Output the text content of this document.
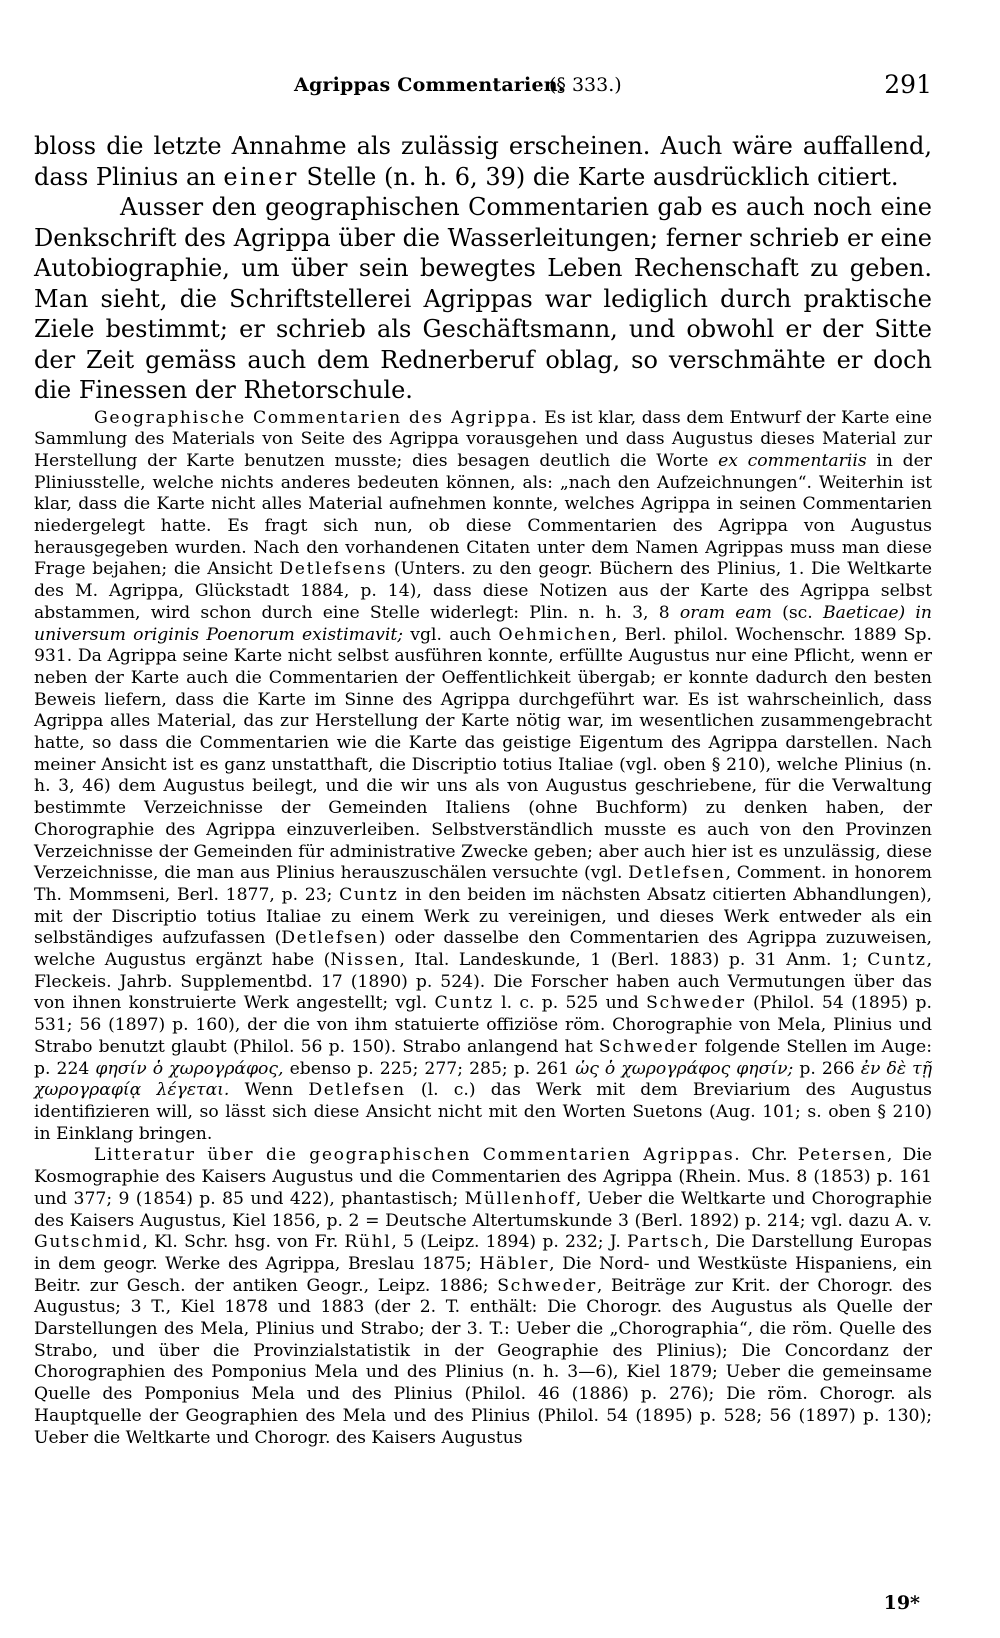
Agrippas Commentarien.
(§ 333.)	291

bloss die letzte Annahme als zulässig erscheinen. Auch wäre auffallend, dass Plinius an einer Stelle (n. h. 6, 39) die Karte ausdrücklich citiert.

Ausser den geographischen Commentarien gab es auch noch eine Denkschrift des Agrippa über die Wasserleitungen; ferner schrieb er eine Autobiographie, um über sein bewegtes Leben Rechenschaft zu geben. Man sieht, die Schriftstellerei Agrippas war lediglich durch praktische Ziele bestimmt; er schrieb als Geschäftsmann, und obwohl er der Sitte der Zeit gemäss auch dem Rednerberuf oblag, so verschmähte er doch die Finessen der Rhetorschule.

Geographische Commentarien des Agrippa. Es ist klar, dass dem Entwurf der Karte eine Sammlung des Materials von Seite des Agrippa vorausgehen und dass Augustus dieses Material zur Herstellung der Karte benutzen musste; dies besagen deutlich die Worte ex commentariis in der Pliniusstelle, welche nichts anderes bedeuten können, als: „nach den Aufzeichnungen“. Weiterhin ist klar, dass die Karte nicht alles Material aufnehmen konnte, welches Agrippa in seinen Commentarien niedergelegt hatte. Es fragt sich nun, ob diese Commentarien des Agrippa von Augustus herausgegeben wurden. Nach den vorhandenen Citaten unter dem Namen Agrippas muss man diese Frage bejahen; die Ansicht Detlefsens (Unters. zu den geogr. Büchern des Plinius, 1. Die Weltkarte des M. Agrippa, Glückstadt 1884, p. 14), dass diese Notizen aus der Karte des Agrippa selbst abstammen, wird schon durch eine Stelle widerlegt: Plin. n. h. 3, 8 oram eam (sc. Baeticae) in universum originis Poenorum existimavit; vgl. auch Oehmichen, Berl. philol. Wochenschr. 1889 Sp. 931. Da Agrippa seine Karte nicht selbst ausführen konnte, erfüllte Augustus nur eine Pflicht, wenn er neben der Karte auch die Commentarien der Oeffentlichkeit übergab; er konnte dadurch den besten Beweis liefern, dass die Karte im Sinne des Agrippa durchgeführt war. Es ist wahrscheinlich, dass Agrippa alles Material, das zur Herstellung der Karte nötig war, im wesentlichen zusammengebracht hatte, so dass die Commentarien wie die Karte das geistige Eigentum des Agrippa darstellen. Nach meiner Ansicht ist es ganz unstatthaft, die Discriptio totius Italiae (vgl. oben § 210), welche Plinius (n. h. 3, 46) dem Augustus beilegt, und die wir uns als von Augustus geschriebene, für die Verwaltung bestimmte Verzeichnisse der Gemeinden Italiens (ohne Buchform) zu denken haben, der Chorographie des Agrippa einzuverleiben. Selbstverständlich musste es auch von den Provinzen Verzeichnisse der Gemeinden für administrative Zwecke geben; aber auch hier ist es unzulässig, diese Verzeichnisse, die man aus Plinius herauszuschälen versuchte (vgl. Detlefsen, Comment. in honorem Th. Mommseni, Berl. 1877, p. 23; Cuntz in den beiden im nächsten Absatz citierten Abhandlungen), mit der Discriptio totius Italiae zu einem Werk zu vereinigen, und dieses Werk entweder als ein selbständiges aufzufassen (Detlefsen) oder dasselbe den Commentarien des Agrippa zuzuweisen, welche Augustus ergänzt habe (Nissen, Ital. Landeskunde, 1 (Berl. 1883) p. 31 Anm. 1; Cuntz, Fleckeis. Jahrb. Supplementbd. 17 (1890) p. 524). Die Forscher haben auch Vermutungen über das von ihnen konstruierte Werk angestellt; vgl. Cuntz l. c. p. 525 und Schweder (Philol. 54 (1895) p. 531; 56 (1897) p. 160), der die von ihm statuierte offiziöse röm. Chorographie von Mela, Plinius und Strabo benutzt glaubt (Philol. 56 p. 150). Strabo anlangend hat Schweder folgende Stellen im Auge: p. 224 φησίν ὁ χωρογράφος, ebenso p. 225; 277; 285; p. 261 ὡς ὁ χωρογράφος φησίν; p. 266 ἐν δὲ τῇ χωρογραφίᾳ λέγεται. Wenn Detlefsen (l. c.) das Werk mit dem Breviarium des Augustus identifizieren will, so lässt sich diese Ansicht nicht mit den Worten Suetons (Aug. 101; s. oben § 210) in Einklang bringen.

Litteratur über die geographischen Commentarien Agrippas. Chr. Petersen, Die Kosmographie des Kaisers Augustus und die Commentarien des Agrippa (Rhein. Mus. 8 (1853) p. 161 und 377; 9 (1854) p. 85 und 422), phantastisch; Müllenhoff, Ueber die Weltkarte und Chorographie des Kaisers Augustus, Kiel 1856, p. 2 = Deutsche Altertumskunde 3 (Berl. 1892) p. 214; vgl. dazu A. v. Gutschmid, Kl. Schr. hsg. von Fr. Rühl, 5 (Leipz. 1894) p. 232; J. Partsch, Die Darstellung Europas in dem geogr. Werke des Agrippa, Breslau 1875; Häbler, Die Nord- und Westküste Hispaniens, ein Beitr. zur Gesch. der antiken Geogr., Leipz. 1886; Schweder, Beiträge zur Krit. der Chorogr. des Augustus; 3 T., Kiel 1878 und 1883 (der 2. T. enthält: Die Chorogr. des Augustus als Quelle der Darstellungen des Mela, Plinius und Strabo; der 3. T.: Ueber die „Chorographia“, die röm. Quelle des Strabo, und über die Provinzialstatistik in der Geographie des Plinius); Die Concordanz der Chorographien des Pomponius Mela und des Plinius (n. h. 3—6), Kiel 1879; Ueber die gemeinsame Quelle des Pomponius Mela und des Plinius (Philol. 46 (1886) p. 276); Die röm. Chorogr. als Hauptquelle der Geographien des Mela und des Plinius (Philol. 54 (1895) p. 528; 56 (1897) p. 130); Ueber die Weltkarte und Chorogr. des Kaisers Augustus

19*
